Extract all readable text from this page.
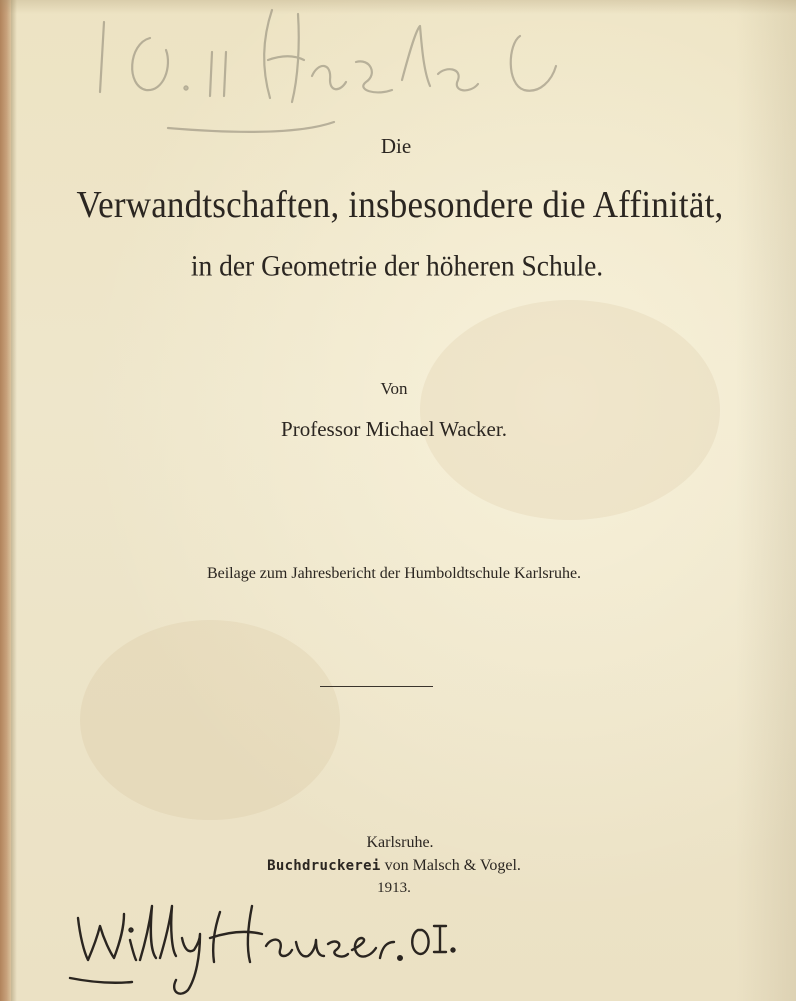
Die
Verwandtschaften, insbesondere die Affinität,
in der Geometrie der höheren Schule.
Von
Professor Michael Wacker.
Beilage zum Jahresbericht der Humboldtschule Karlsruhe.
Karlsruhe.
Buchdruckerei von Malsch & Vogel.
1913.
